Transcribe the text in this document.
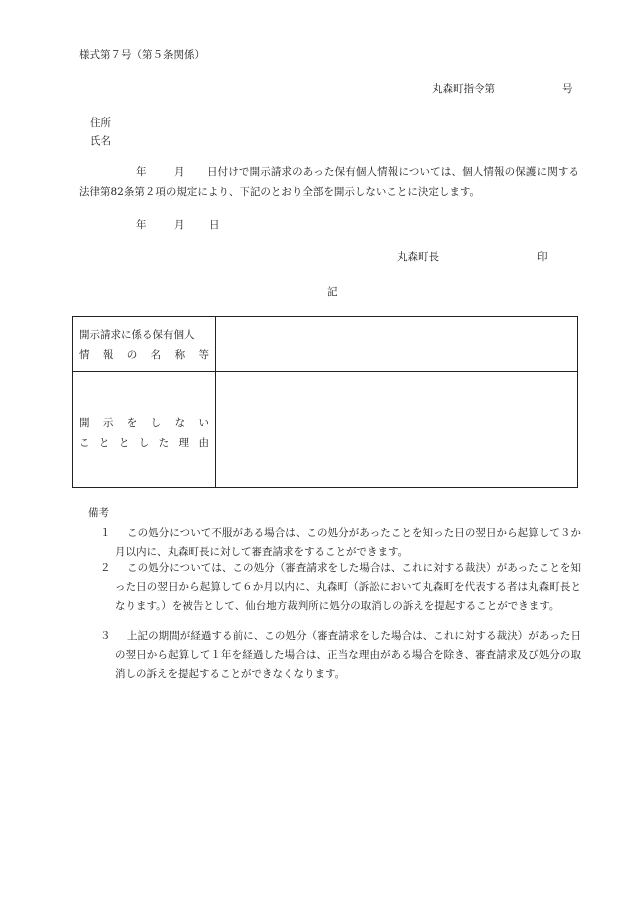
様式第７号（第５条関係）
丸森町指令第	号
住所
氏名
年	月	日付けで開示請求のあった保有個人情報については、個人情報の保護に関する法律第82条第２項の規定により、下記のとおり全部を開示しないことに決定します。
年	月 日
丸森町長	印
記
開示請求に係る保有個人
情 報 の 名 称 等
開 示 を し な い
こ と と し た 理 由
備考
１ この処分について不服がある場合は、この処分があったことを知った日の翌日から起算して３か月以内に、丸森町長に対して審査請求をすることができます。
２ この処分については、この処分（審査請求をした場合は、これに対する裁決）があったことを知った日の翌日から起算して６か月以内に、丸森町（訴訟において丸森町を代表する者は丸森町長となります。）を被告として、仙台地方裁判所に処分の取消しの訴えを提起することができます。
３ 上記の期間が経過する前に、この処分（審査請求をした場合は、これに対する裁決）があった日の翌日から起算して１年を経過した場合は、正当な理由がある場合を除き、審査請求及び処分の取消しの訴えを提起することができなくなります。
